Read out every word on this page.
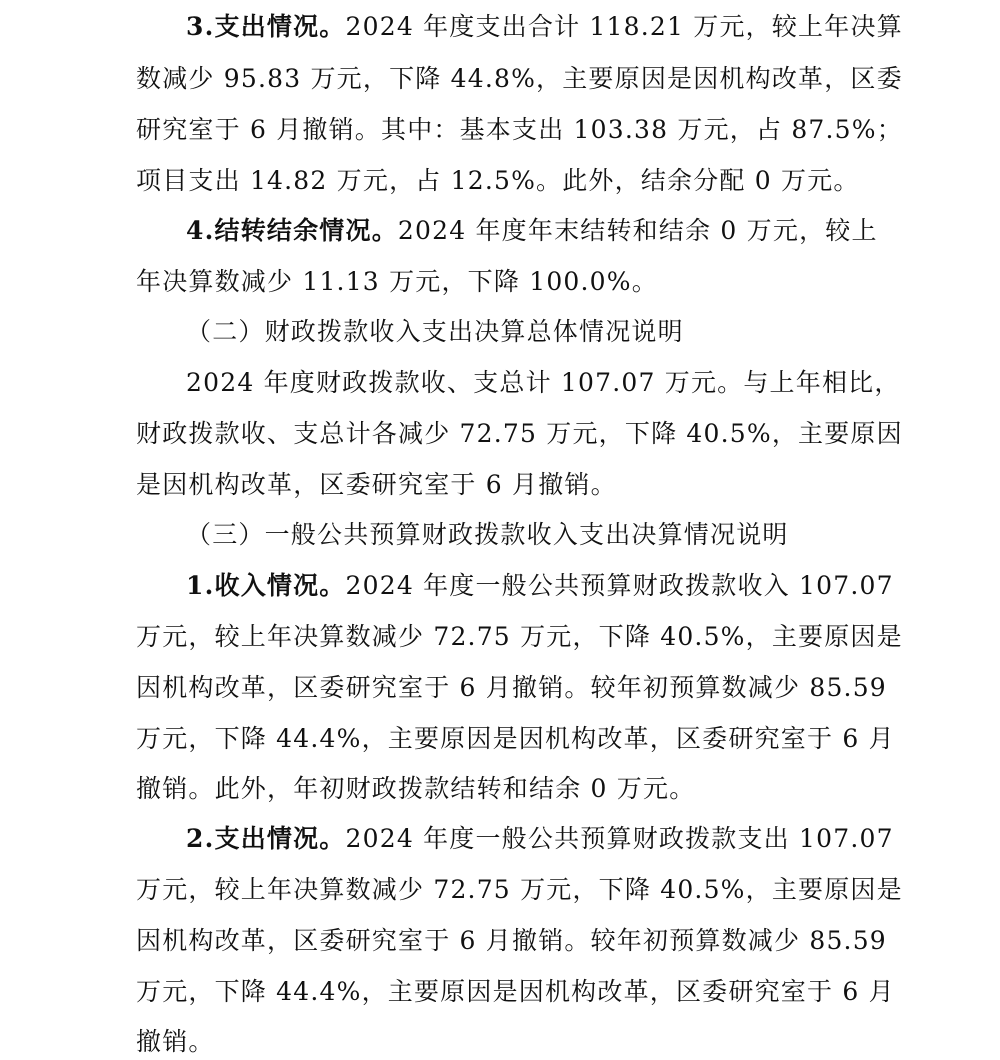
3.支出情况。2024 年度支出合计 118.21 万元，较上年决算
数减少 95.83 万元，下降 44.8%，主要原因是因机构改革，区委
研究室于 6 月撤销。其中：基本支出 103.38 万元，占 87.5%；
项目支出 14.82 万元，占 12.5%。此外，结余分配 0 万元。
4.结转结余情况。2024 年度年末结转和结余 0 万元，较上
年决算数减少 11.13 万元，下降 100.0%。
（二）财政拨款收入支出决算总体情况说明
2024 年度财政拨款收、支总计 107.07 万元。与上年相比，
财政拨款收、支总计各减少 72.75 万元，下降 40.5%，主要原因
是因机构改革，区委研究室于 6 月撤销。
（三）一般公共预算财政拨款收入支出决算情况说明
1.收入情况。2024 年度一般公共预算财政拨款收入 107.07
万元，较上年决算数减少 72.75 万元，下降 40.5%，主要原因是
因机构改革，区委研究室于 6 月撤销。较年初预算数减少 85.59
万元，下降 44.4%，主要原因是因机构改革，区委研究室于 6 月
撤销。此外，年初财政拨款结转和结余 0 万元。
2.支出情况。2024 年度一般公共预算财政拨款支出 107.07
万元，较上年决算数减少 72.75 万元，下降 40.5%，主要原因是
因机构改革，区委研究室于 6 月撤销。较年初预算数减少 85.59
万元，下降 44.4%，主要原因是因机构改革，区委研究室于 6 月
撤销。
